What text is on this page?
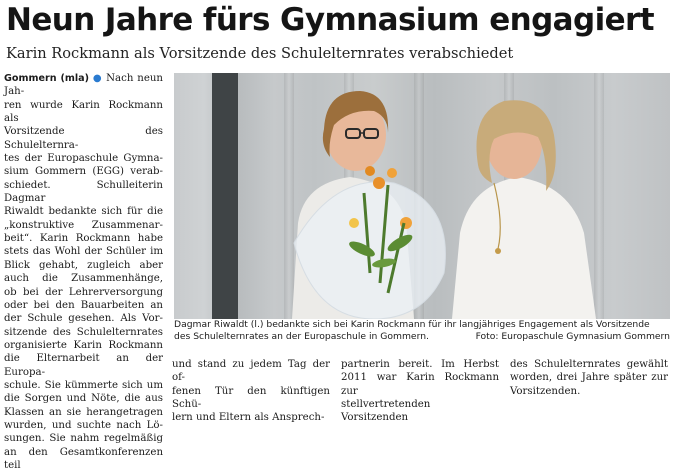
Neun Jahre fürs Gymnasium engagiert
Karin Rockmann als Vorsitzende des Schulelternrates verabschiedet
Gommern (mla) ● Nach neun Jah-
ren wurde Karin Rockmann als
Vorsitzende des Schulelternra-
tes der Europaschule Gymna-
sium Gommern (EGG) verab-
schiedet. Schulleiterin Dagmar
Riwaldt bedankte sich für die
„konstruktive Zusammenar-
beit“. Karin Rockmann habe
stets das Wohl der Schüler im
Blick gehabt, zugleich aber
auch die Zusammenhänge,
ob bei der Lehrerversorgung
oder bei den Bauarbeiten an
der Schule gesehen. Als Vor-
sitzende des Schulelternrates
organisierte Karin Rockmann
die Elternarbeit an der Europa-
schule. Sie kümmerte sich um
die Sorgen und Nöte, die aus
Klassen an sie herangetragen
wurden, und suchte nach Lö-
sungen. Sie nahm regelmäßig
an den Gesamtkonferenzen teil
Dagmar Riwaldt (l.) bedankte sich bei Karin Rockmann für ihr langjähriges Engagement als Vorsitzende
des Schulelternrates an der Europaschule in Gommern.	Foto: Europaschule Gymnasium Gommern
und stand zu jedem Tag der of-
fenen Tür den künftigen Schü-
lern und Eltern als Ansprech-
partnerin bereit. Im Herbst
2011 war Karin Rockmann zur
stellvertretenden Vorsitzenden
des Schulelternrates gewählt
worden, drei Jahre später zur
Vorsitzenden.
